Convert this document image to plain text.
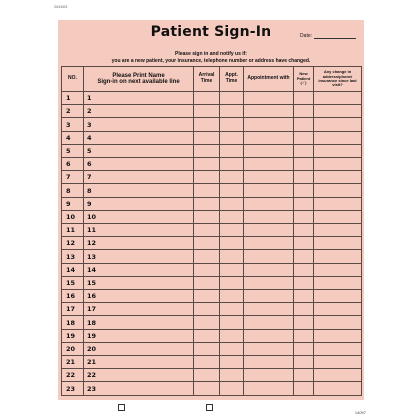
261603
Patient Sign-In	Date:
Please sign in and notify us if:
you are a new patient, your insurance, telephone number or address have changed.
NO.	Please Print Name
Sign-in on next available line	Arrival Time	Appt. Time	Appointment with	New Patient (✓)	Any change in address/phone/ insurance since last visit?
1	1					
2	2					
3	3					
4	4					
5	5					
6	6					
7	7					
8	8					
9	9					
10	10					
11	11					
12	12					
13	13					
14	14					
15	15					
16	16					
17	17					
18	18					
19	19					
20	20					
21	21					
22	22					
23	23					
14097
